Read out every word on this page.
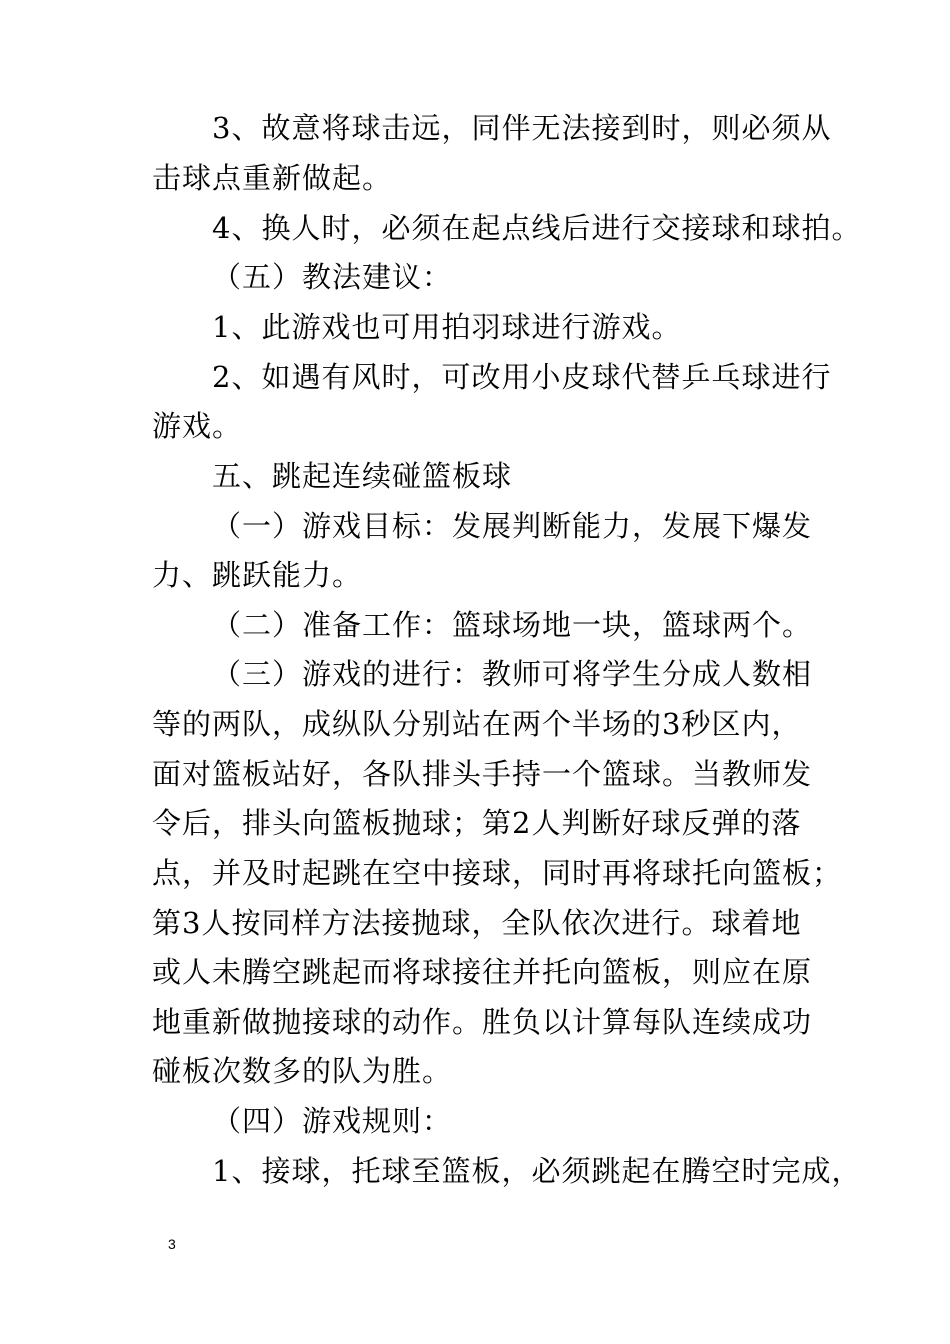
3、故意将球击远，同伴无法接到时，则必须从
击球点重新做起。
4、换人时，必须在起点线后进行交接球和球拍。
（五）教法建议：
1、此游戏也可用拍羽球进行游戏。
2、如遇有风时，可改用小皮球代替乒乓球进行
游戏。
五、跳起连续碰篮板球
（一）游戏目标：发展判断能力，发展下爆发
力、跳跃能力。
（二）准备工作：篮球场地一块，篮球两个。
（三）游戏的进行：教师可将学生分成人数相
等的两队，成纵队分别站在两个半场的3秒区内，
面对篮板站好，各队排头手持一个篮球。当教师发
令后，排头向篮板抛球；第2人判断好球反弹的落
点，并及时起跳在空中接球，同时再将球托向篮板；
第3人按同样方法接抛球，全队依次进行。球着地
或人未腾空跳起而将球接往并托向篮板，则应在原
地重新做抛接球的动作。胜负以计算每队连续成功
碰板次数多的队为胜。
（四）游戏规则：
1、接球，托球至篮板，必须跳起在腾空时完成，
3
